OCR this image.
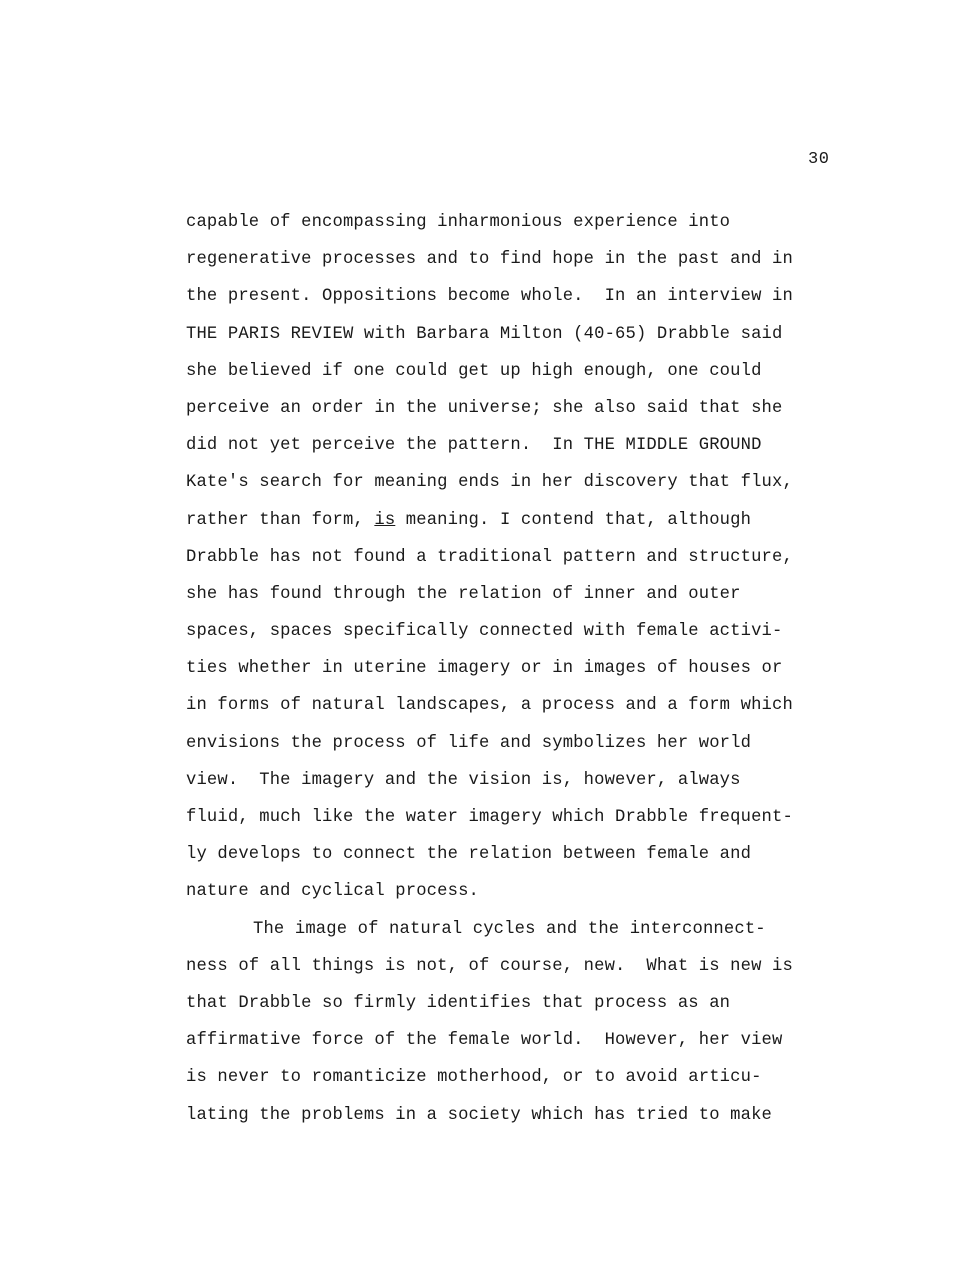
30
capable of encompassing inharmonious experience into
regenerative processes and to find hope in the past and in
the present. Oppositions become whole.  In an interview in
THE PARIS REVIEW with Barbara Milton (40-65) Drabble said
she believed if one could get up high enough, one could
perceive an order in the universe; she also said that she
did not yet perceive the pattern.  In THE MIDDLE GROUND
Kate's search for meaning ends in her discovery that flux,
rather than form, is meaning. I contend that, although
Drabble has not found a traditional pattern and structure,
she has found through the relation of inner and outer
spaces, spaces specifically connected with female activi-
ties whether in uterine imagery or in images of houses or
in forms of natural landscapes, a process and a form which
envisions the process of life and symbolizes her world
view.  The imagery and the vision is, however, always
fluid, much like the water imagery which Drabble frequent-
ly develops to connect the relation between female and
nature and cyclical process.
The image of natural cycles and the interconnect-
ness of all things is not, of course, new.  What is new is
that Drabble so firmly identifies that process as an
affirmative force of the female world.  However, her view
is never to romanticize motherhood, or to avoid articu-
lating the problems in a society which has tried to make
